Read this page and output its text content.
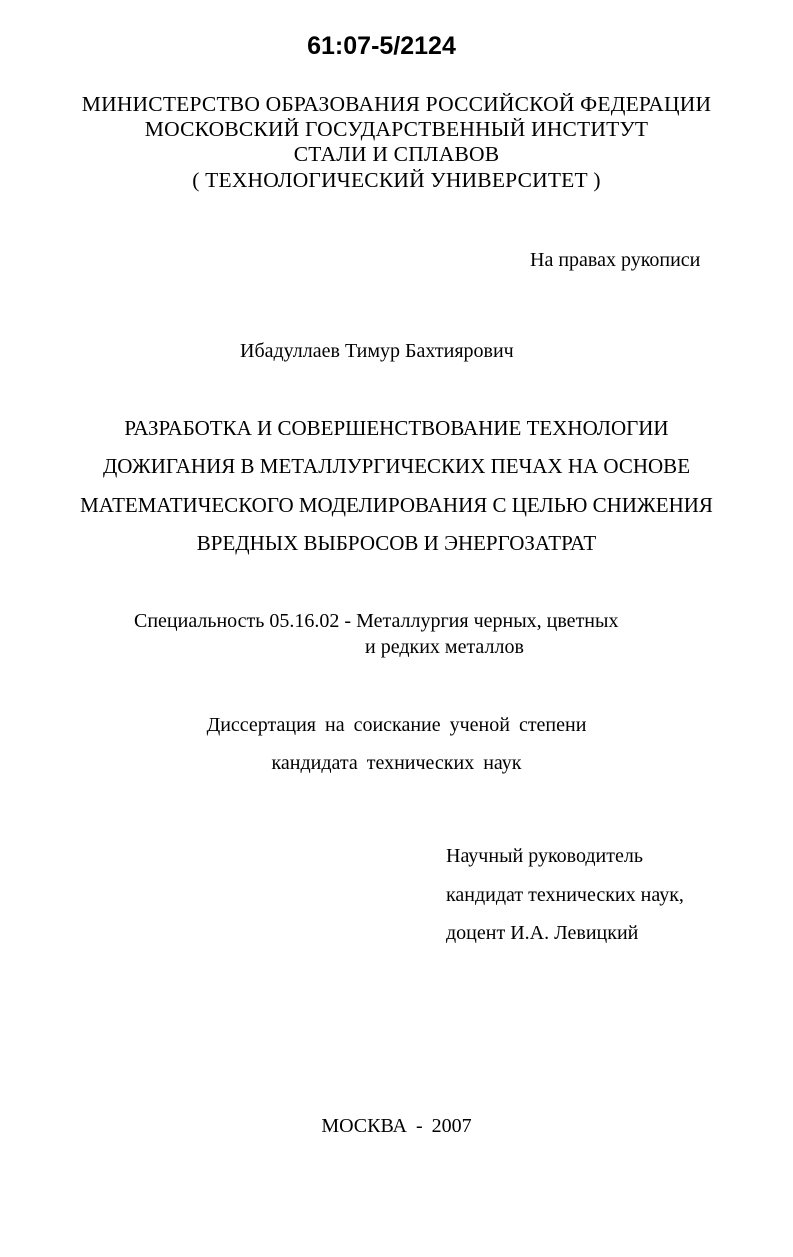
61:07-5/2124
МИНИСТЕРСТВО ОБРАЗОВАНИЯ РОССИЙСКОЙ ФЕДЕРАЦИИ
МОСКОВСКИЙ ГОСУДАРСТВЕННЫЙ ИНСТИТУТ
СТАЛИ И СПЛАВОВ
( ТЕХНОЛОГИЧЕСКИЙ УНИВЕРСИТЕТ )
На правах рукописи
Ибадуллаев Тимур Бахтиярович
РАЗРАБОТКА И СОВЕРШЕНСТВОВАНИЕ ТЕХНОЛОГИИ
ДОЖИГАНИЯ В МЕТАЛЛУРГИЧЕСКИХ ПЕЧАХ НА ОСНОВЕ
МАТЕМАТИЧЕСКОГО МОДЕЛИРОВАНИЯ С ЦЕЛЬЮ СНИЖЕНИЯ
ВРЕДНЫХ ВЫБРОСОВ И ЭНЕРГОЗАТРАТ
Специальность 05.16.02 - Металлургия черных, цветных
и редких металлов
Диссертация на соискание ученой степени
кандидата технических наук
Научный руководитель
кандидат технических наук,
доцент И.А. Левицкий
МОСКВА - 2007
